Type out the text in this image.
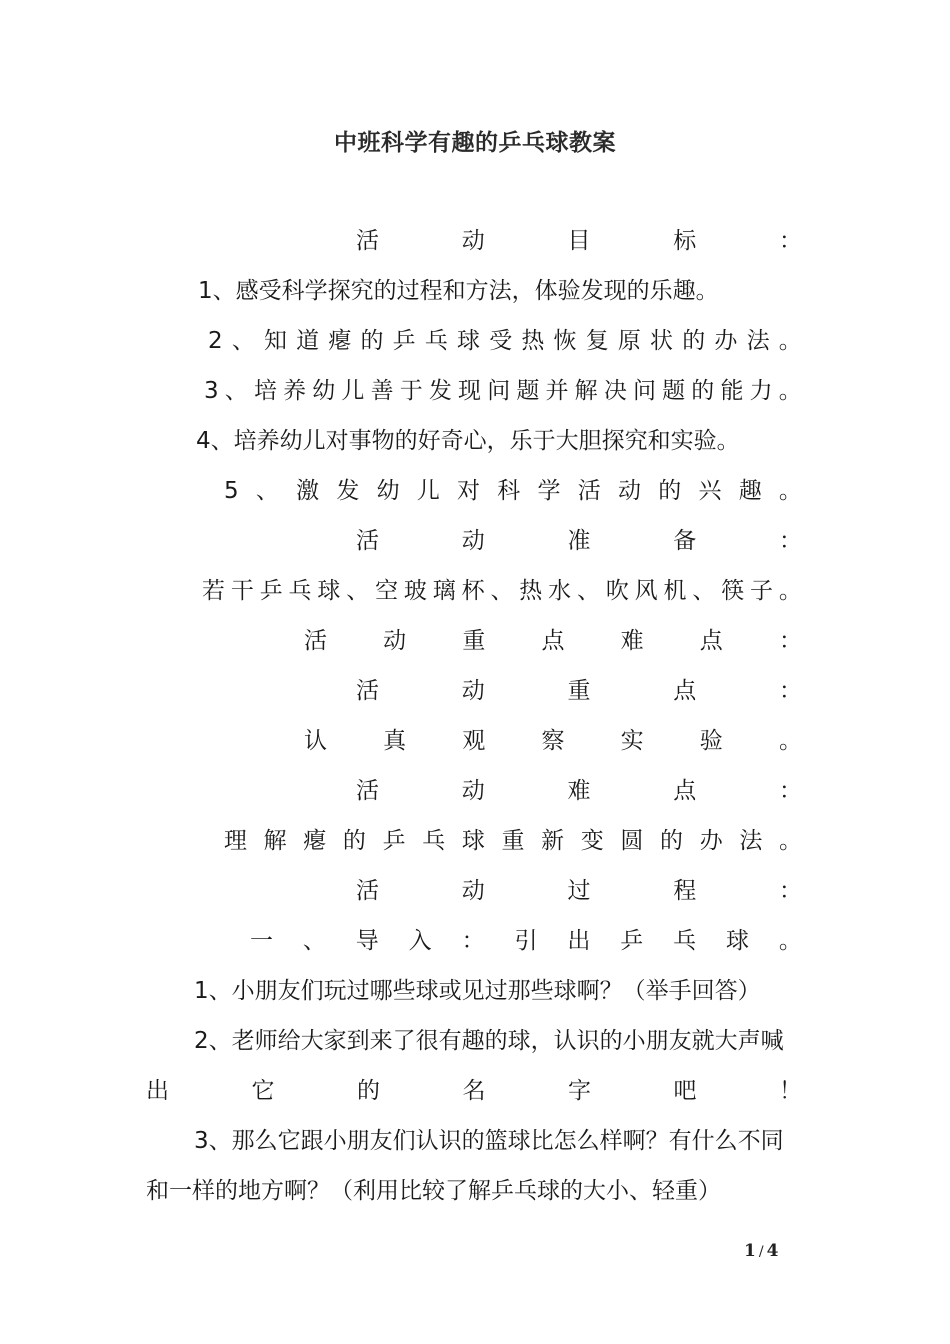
中班科学有趣的乒乓球教案
活	动	目	标	：
1、感受科学探究的过程和方法，体验发现的乐趣。
2 、 知 道 瘪 的 乒 乓 球 受 热 恢 复 原 状 的 办 法 。
3 、 培 养 幼 儿 善 于 发 现 问 题 并 解 决 问 题 的 能 力 。
4、培养幼儿对事物的好奇心，乐于大胆探究和实验。
5 、 激 发 幼 儿 对 科 学 活 动 的 兴 趣 。
活	动	准	备	：
若 干 乒 乓 球 、 空 玻 璃 杯 、 热 水 、 吹 风 机 、 筷 子 。
活 动 重 点 难 点 ：
活	动	重	点	：
认 真 观 察 实 验 。
活	动	难	点	：
理 解 瘪 的 乒 乓 球 重 新 变 圆 的 办 法 。
活	动	过	程	：
一 、 导 入 ： 引 出 乒 乓 球 。
1、小朋友们玩过哪些球或见过那些球啊？（举手回答）
2、老师给大家到来了很有趣的球，认识的小朋友就大声喊
出	它	的	名	字	吧	！
3、那么它跟小朋友们认识的篮球比怎么样啊？有什么不同
和一样的地方啊？（利用比较了解乒乓球的大小、轻重）
1 / 4
